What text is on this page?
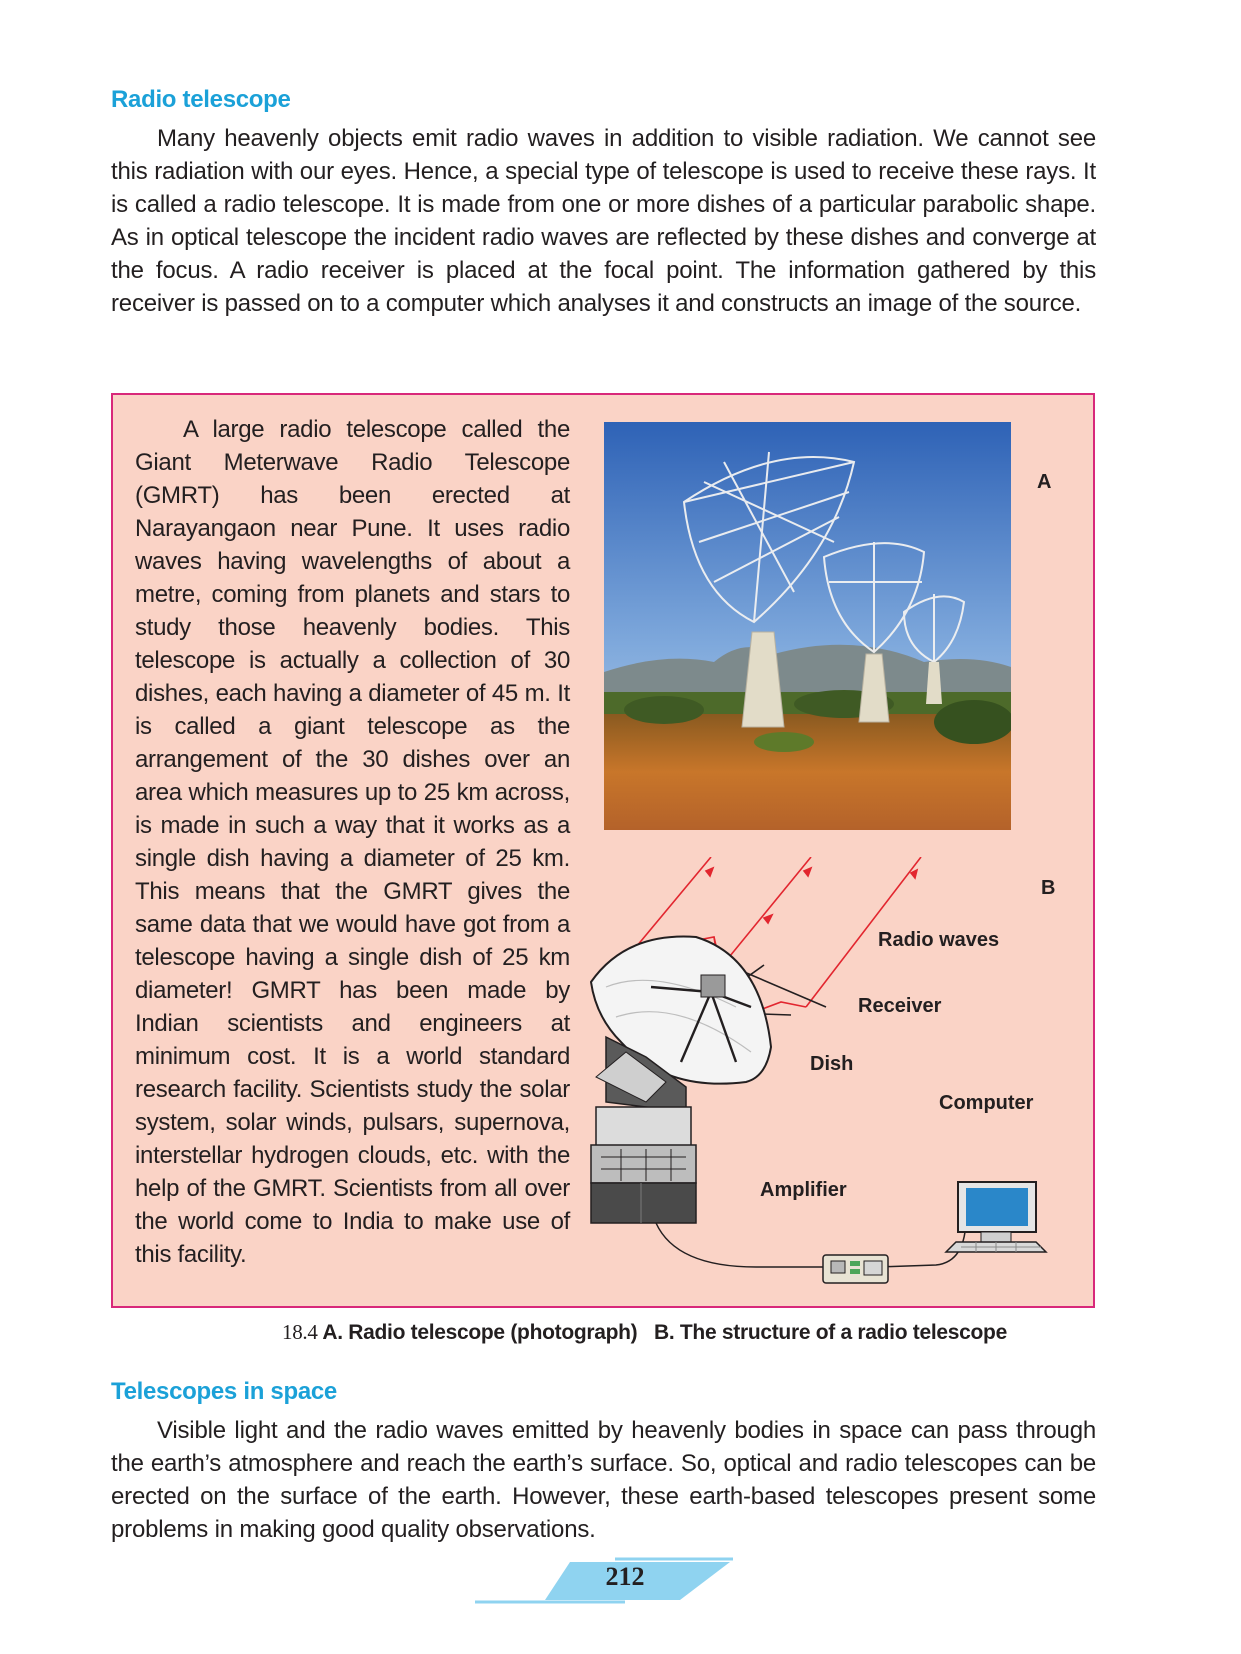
Radio telescope
Many heavenly objects emit radio waves in addition to visible radiation. We cannot see this radiation with our eyes. Hence, a special type of telescope is used to receive these rays. It is called a radio telescope. It is made from one or more dishes of a particular parabolic shape. As in optical telescope the incident radio waves are reflected by these dishes and converge at the focus. A radio receiver is placed at the focal point. The information gathered by this receiver is passed on to a computer which analyses it and constructs an image of the source.
A large radio telescope called the Giant Meterwave Radio Telescope (GMRT) has been erected at Narayangaon near Pune. It uses radio waves having wavelengths of about a metre, coming from planets and stars to study those heavenly bodies. This telescope is actually a collection of 30 dishes, each having a diameter of 45 m. It is called a giant telescope as the arrangement of the 30 dishes over an area which measures up to 25 km across, is made in such a way that it works as a single dish having a diameter of 25 km. This means that the GMRT gives the same data that we would have got from a telescope having a single dish of 25 km diameter! GMRT has been made by Indian scientists and engineers at minimum cost. It is a world standard research facility. Scientists study the solar system, solar winds, pulsars, supernova, interstellar hydrogen clouds, etc. with the help of the GMRT. Scientists from all over the world come to India to make use of this facility.
A
B
Radio waves
Receiver
Dish
Computer
Amplifier
18.4 A. Radio telescope (photograph)   B. The structure of a radio telescope
Telescopes in space
Visible light and the radio waves emitted by heavenly bodies in space can pass through the earth’s atmosphere and reach the earth’s surface. So, optical and radio telescopes can be erected on the surface of the earth. However, these earth-based telescopes present some problems in making good quality observations.
212
